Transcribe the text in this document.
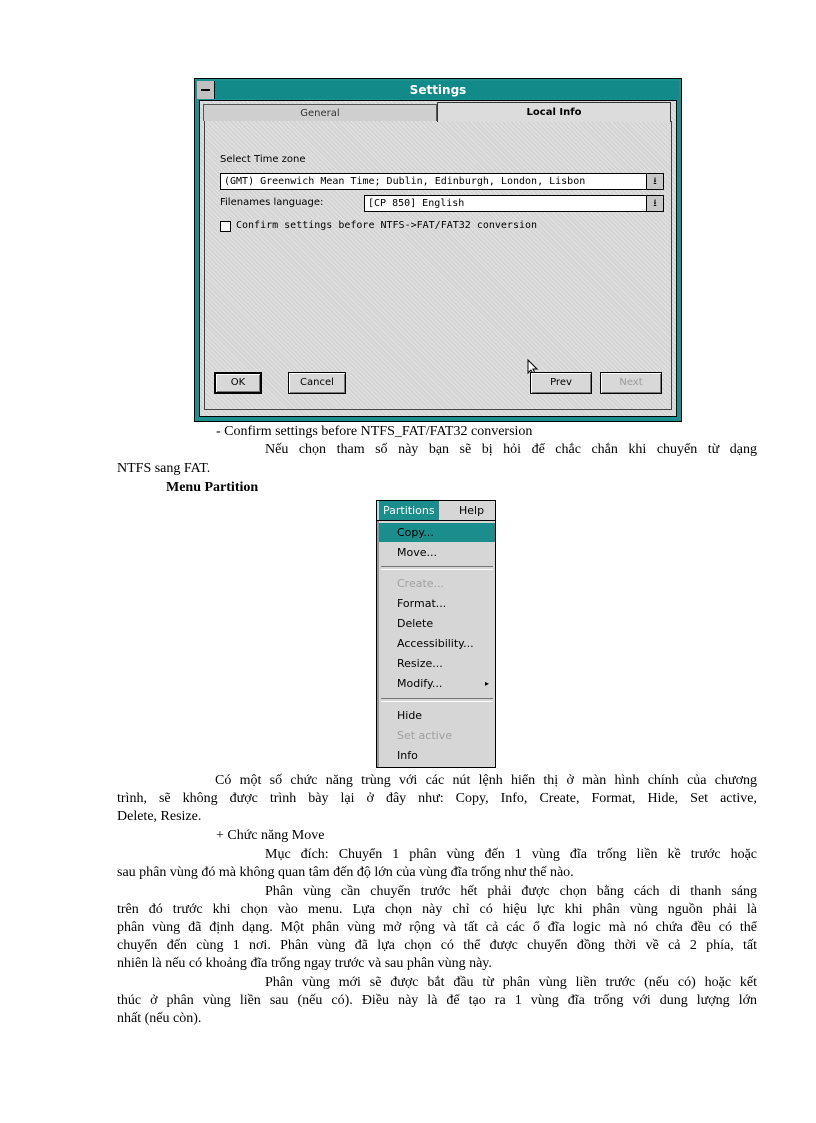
Settings
General	Local Info
Select Time zone
(GMT) Greenwich Mean Time; Dublin, Edinburgh, London, Lisbon	⭳
Filenames language:	[CP 850] English	⭳
Confirm settings before NTFS->FAT/FAT32 conversion
OK	Cancel	Prev	Next
- Confirm settings before NTFS_FAT/FAT32 conversion
Nếu chọn tham số này bạn sẽ bị hỏi để chắc chắn khi chuyển từ dạng
NTFS sang FAT.
Menu Partition
Partitions	Help
Copy...
Move...
Create...
Format...
Delete
Accessibility...
Resize...
Modify...	▸
Hide
Set active
Info
Có một số chức năng trùng với các nút lệnh hiển thị ở màn hình chính của chương
trình, sẽ không được trình bày lại ở đây như: Copy, Info, Create, Format, Hide, Set active,
Delete, Resize.
+ Chức năng Move
Mục đích: Chuyển 1 phân vùng đến 1 vùng đĩa trống liền kề trước hoặc
sau phân vùng đó mà không quan tâm đến độ lớn của vùng đĩa trống như thế nào.
Phân vùng cần chuyển trước hết phải được chọn bằng cách di thanh sáng
trên đó trước khi chọn vào menu. Lựa chọn này chỉ có hiệu lực khi phân vùng nguồn phải là
phân vùng đã định dạng. Một phân vùng mở rộng và tất cả các ổ đĩa logic mà nó chứa đều có thể
chuyển đến cùng 1 nơi. Phân vùng đã lựa chọn có thể được chuyển đồng thời về cả 2 phía, tất
nhiên là nếu có khoảng đĩa trống ngay trước và sau phân vùng này.
Phân vùng mới sẽ được bắt đầu từ phân vùng liền trước (nếu có) hoặc kết
thúc ở phân vùng liền sau (nếu có). Điều này là để tạo ra 1 vùng đĩa trống với dung lượng lớn
nhất (nếu còn).
